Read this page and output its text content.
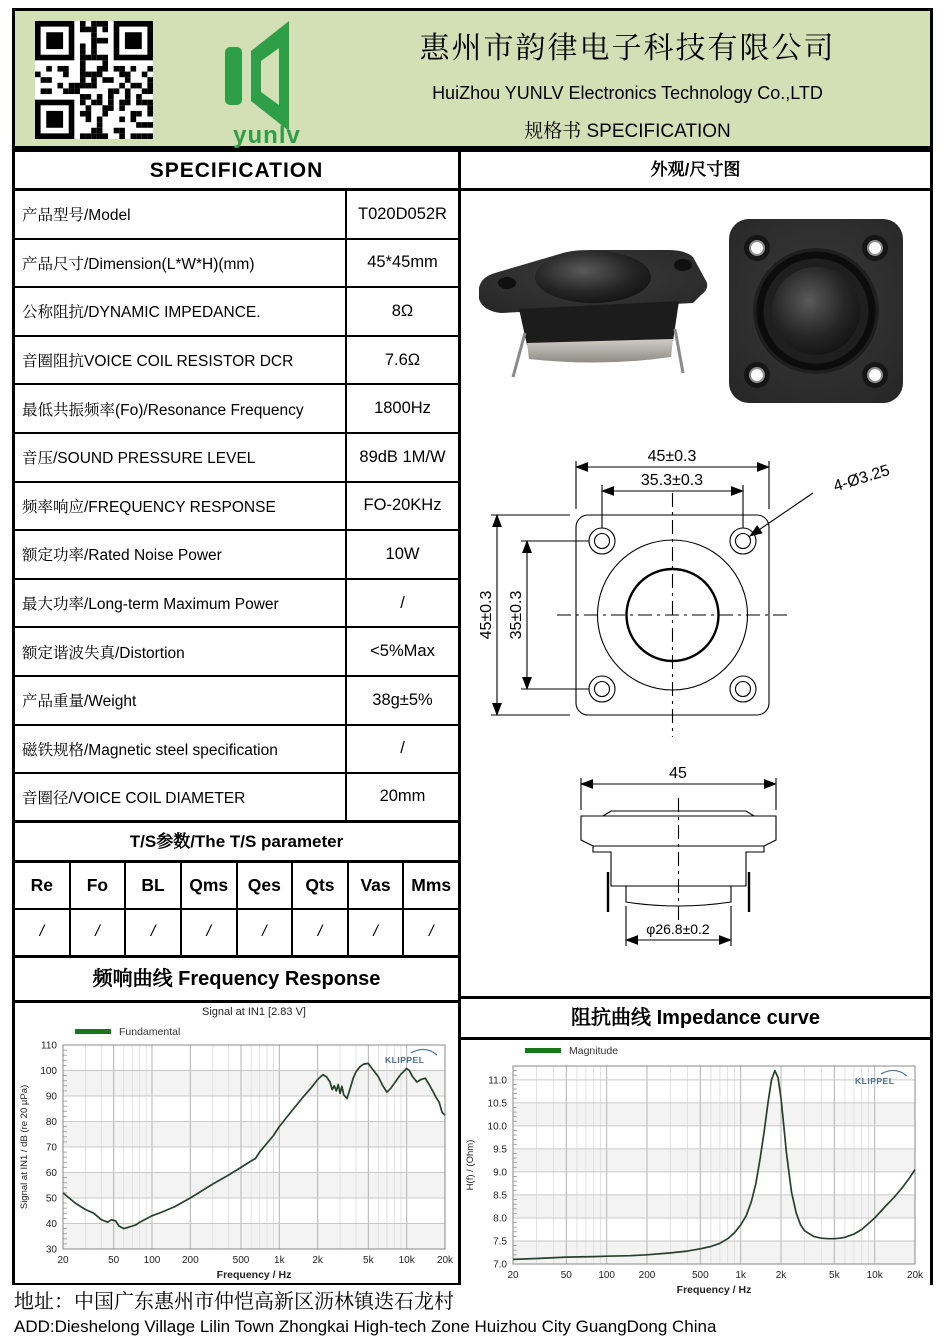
yunlv
惠州市韵律电子科技有限公司
HuiZhou YUNLV Electronics Technology Co.,LTD
规格书 SPECIFICATION
SPECIFICATION
产品型号/Model	T020D052R
产品尺寸/Dimension(L*W*H)(mm)	45*45mm
公称阻抗/DYNAMIC IMPEDANCE.	8Ω
音圈阻抗VOICE COIL RESISTOR DCR	7.6Ω
最低共振频率(Fo)/Resonance Frequency	1800Hz
音压/SOUND PRESSURE LEVEL	89dB 1M/W
频率响应/FREQUENCY RESPONSE	FO-20KHz
额定功率/Rated Noise Power	10W
最大功率/Long-term Maximum Power	/
额定谐波失真/Distortion	<5%Max
产品重量/Weight	38g±5%
磁铁规格/Magnetic steel specification	/
音圈径/VOICE COIL DIAMETER	20mm
T/S参数/The T/S parameter
Re	Fo	BL	Qms	Qes	Qts	Vas	Mms
/	/	/	/	/	/	/	/
频响曲线 Frequency Response
20	50 100 200	500 1k	2k	5k 10k 20k
30
40
50
60
70
80
90
100
110
Fundamental
Signal at IN1 [2.83 V]
Frequency / Hz
Signal at IN1 / dB (re 20 µPa)
KLIPPEL
外观/尺寸图

45±0.3
35.3±0.3
45±0.3 35±0.3
4-Ø3.25

45
φ26.8±0.2
阻抗曲线 Impedance curve
20	50	100 200	500	1k	2k	5k	10k 20k
7.0
7.5
8.0
8.5
9.0
9.5
10.0
10.5
11.0
Magnitude
Frequency / Hz
H(f) / (Ohm)
KLIPPEL
地址：中国广东惠州市仲恺高新区沥林镇迭石龙村
ADD:Dieshelong Village Lilin Town Zhongkai High-tech Zone Huizhou City GuangDong China
